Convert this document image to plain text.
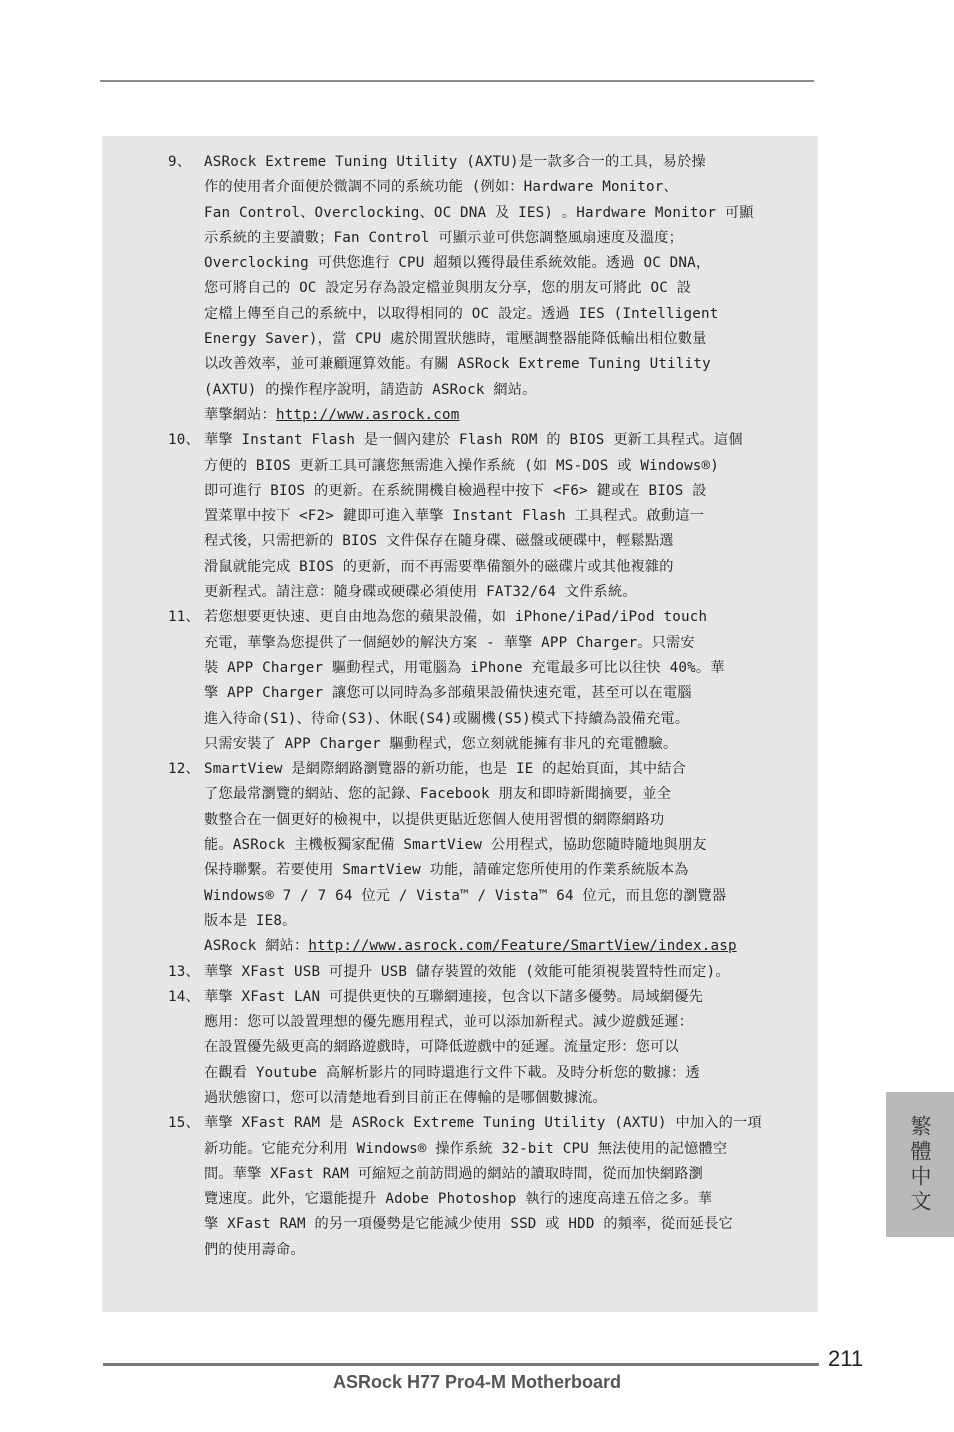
9、 ASRock Extreme Tuning Utility (AXTU)是一款多合一的工具，易於操
作的使用者介面便於微調不同的系統功能 (例如：Hardware Monitor、
Fan Control、Overclocking、OC DNA 及 IES) 。Hardware Monitor 可顯
示系統的主要讀數；Fan Control 可顯示並可供您調整風扇速度及溫度；
Overclocking 可供您進行 CPU 超頻以獲得最佳系統效能。透過 OC DNA，
您可將自己的 OC 設定另存為設定檔並與朋友分享，您的朋友可將此 OC 設
定檔上傳至自己的系統中，以取得相同的 OC 設定。透過 IES (Intelligent
Energy Saver)，當 CPU 處於閒置狀態時，電壓調整器能降低輸出相位數量
以改善效率，並可兼顧運算效能。有關 ASRock Extreme Tuning Utility
(AXTU) 的操作程序說明，請造訪 ASRock 網站。
華擎網站：http://www.asrock.com
10、 華擎 Instant Flash 是一個內建於 Flash ROM 的 BIOS 更新工具程式。這個
方便的 BIOS 更新工具可讓您無需進入操作系統 (如 MS-DOS 或 Windows®)
即可進行 BIOS 的更新。在系統開機自檢過程中按下 <F6> 鍵或在 BIOS 設
置菜單中按下 <F2> 鍵即可進入華擎 Instant Flash 工具程式。啟動這一
程式後，只需把新的 BIOS 文件保存在隨身碟、磁盤或硬碟中，輕鬆點選
滑鼠就能完成 BIOS 的更新，而不再需要準備額外的磁碟片或其他複雜的
更新程式。請注意：隨身碟或硬碟必須使用 FAT32/64 文件系統。
11、 若您想要更快速、更自由地為您的蘋果設備，如 iPhone/iPad/iPod touch
充電，華擎為您提供了一個絕妙的解決方案 - 華擎 APP Charger。只需安
裝 APP Charger 驅動程式，用電腦為 iPhone 充電最多可比以往快 40%。華
擎 APP Charger 讓您可以同時為多部蘋果設備快速充電，甚至可以在電腦
進入待命(S1)、待命(S3)、休眠(S4)或關機(S5)模式下持續為設備充電。
只需安裝了 APP Charger 驅動程式，您立刻就能擁有非凡的充電體驗。
12、 SmartView 是網際網路瀏覽器的新功能，也是 IE 的起始頁面，其中結合
了您最常瀏覽的網站、您的記錄、Facebook 朋友和即時新聞摘要，並全
數整合在一個更好的檢視中，以提供更貼近您個人使用習慣的網際網路功
能。ASRock 主機板獨家配備 SmartView 公用程式，協助您隨時隨地與朋友
保持聯繫。若要使用 SmartView 功能，請確定您所使用的作業系統版本為
Windows® 7 / 7 64 位元 / Vista™ / Vista™ 64 位元，而且您的瀏覽器
版本是 IE8。
ASRock 網站：http://www.asrock.com/Feature/SmartView/index.asp
13、 華擎 XFast USB 可提升 USB 儲存裝置的效能 (效能可能須視裝置特性而定)。
14、 華擎 XFast LAN 可提供更快的互聯網連接，包含以下諸多優勢。局域網優先
應用：您可以設置理想的優先應用程式，並可以添加新程式。減少遊戲延遲：
在設置優先級更高的網路遊戲時，可降低遊戲中的延遲。流量定形：您可以
在觀看 Youtube 高解析影片的同時還進行文件下載。及時分析您的數據：透
過狀態窗口，您可以清楚地看到目前正在傳輸的是哪個數據流。
15、 華擎 XFast RAM 是 ASRock Extreme Tuning Utility (AXTU) 中加入的一項
新功能。它能充分利用 Windows® 操作系統 32-bit CPU 無法使用的記憶體空
間。華擎 XFast RAM 可縮短之前訪問過的網站的讀取時間，從而加快網路瀏
覽速度。此外，它還能提升 Adobe Photoshop 執行的速度高達五倍之多。華
擎 XFast RAM 的另一項優勢是它能減少使用 SSD 或 HDD 的頻率，從而延長它
們的使用壽命。
繁體中文
211
ASRock H77 Pro4-M Motherboard
